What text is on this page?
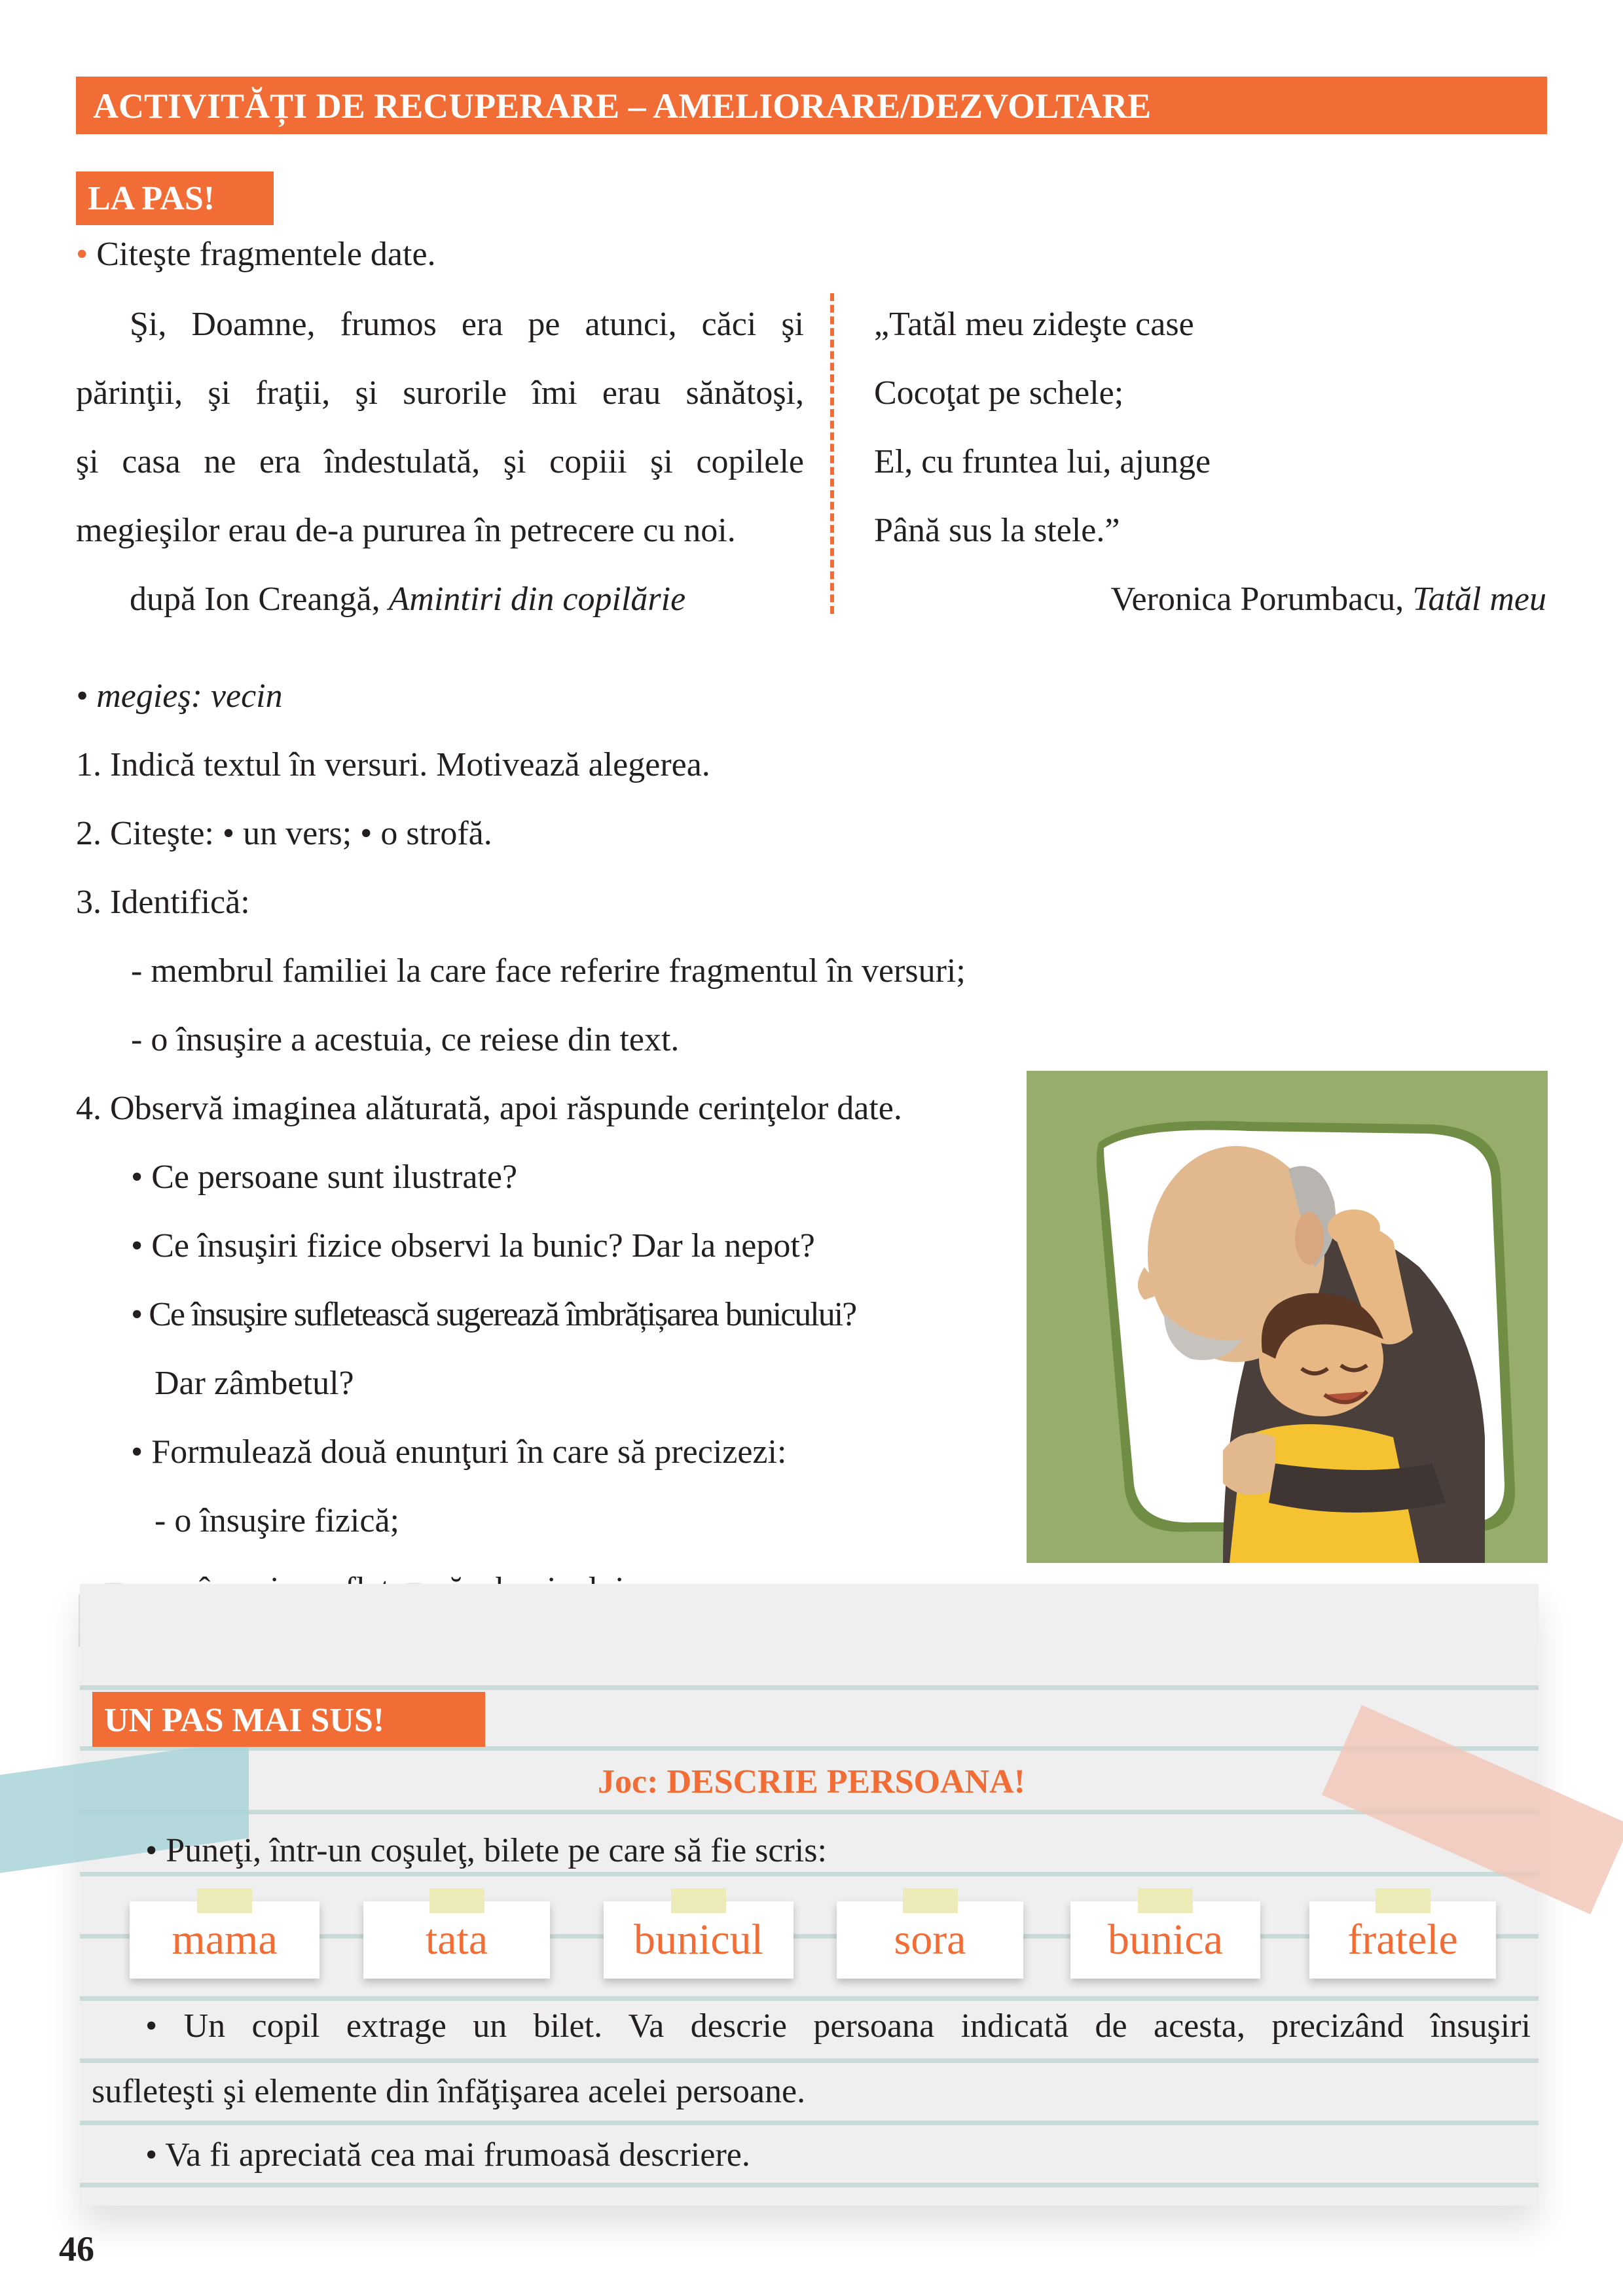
ACTIVITĂȚI DE RECUPERARE – AMELIORARE/DEZVOLTARE
LA PAS!
• Citeşte fragmentele date.
Şi, Doamne, frumos era pe atunci, căci şi
părinţii, şi fraţii, şi surorile îmi erau sănătoşi,
şi casa ne era îndestulată, şi copiii şi copilele
megieşilor erau de-a pururea în petrecere cu noi.
după Ion Creangă, Amintiri din copilărie
„Tatăl meu zideşte case
Cocoţat pe schele;
El, cu fruntea lui, ajunge
Până sus la stele.”
Veronica Porumbacu, Tatăl meu
• megieş: vecin
1. Indică textul în versuri. Motivează alegerea.
2. Citeşte: • un vers; • o strofă.
3. Identifică:
- membrul familiei la care face referire fragmentul în versuri;
- o însuşire a acestuia, ce reiese din text.
4. Observă imaginea alăturată, apoi răspunde cerinţelor date.
• Ce persoane sunt ilustrate?
• Ce însuşiri fizice observi la bunic? Dar la nepot?
• Ce însuşire sufletească sugerează îmbrățișarea bunicului?
Dar zâmbetul?
• Formulează două enunţuri în care să precizezi:
- o însuşire fizică;
UN PAS MAI SUS!
Joc: DESCRIE PERSOANA!
• Puneţi, într-un coşuleţ, bilete pe care să fie scris:
mama	tata	bunicul	sora	bunica	fratele
• Un copil extrage un bilet. Va descrie persoana indicată de acesta, precizând însuşiri
sufleteşti şi elemente din înfăţişarea acelei persoane.
• Va fi apreciată cea mai frumoasă descriere.
46
